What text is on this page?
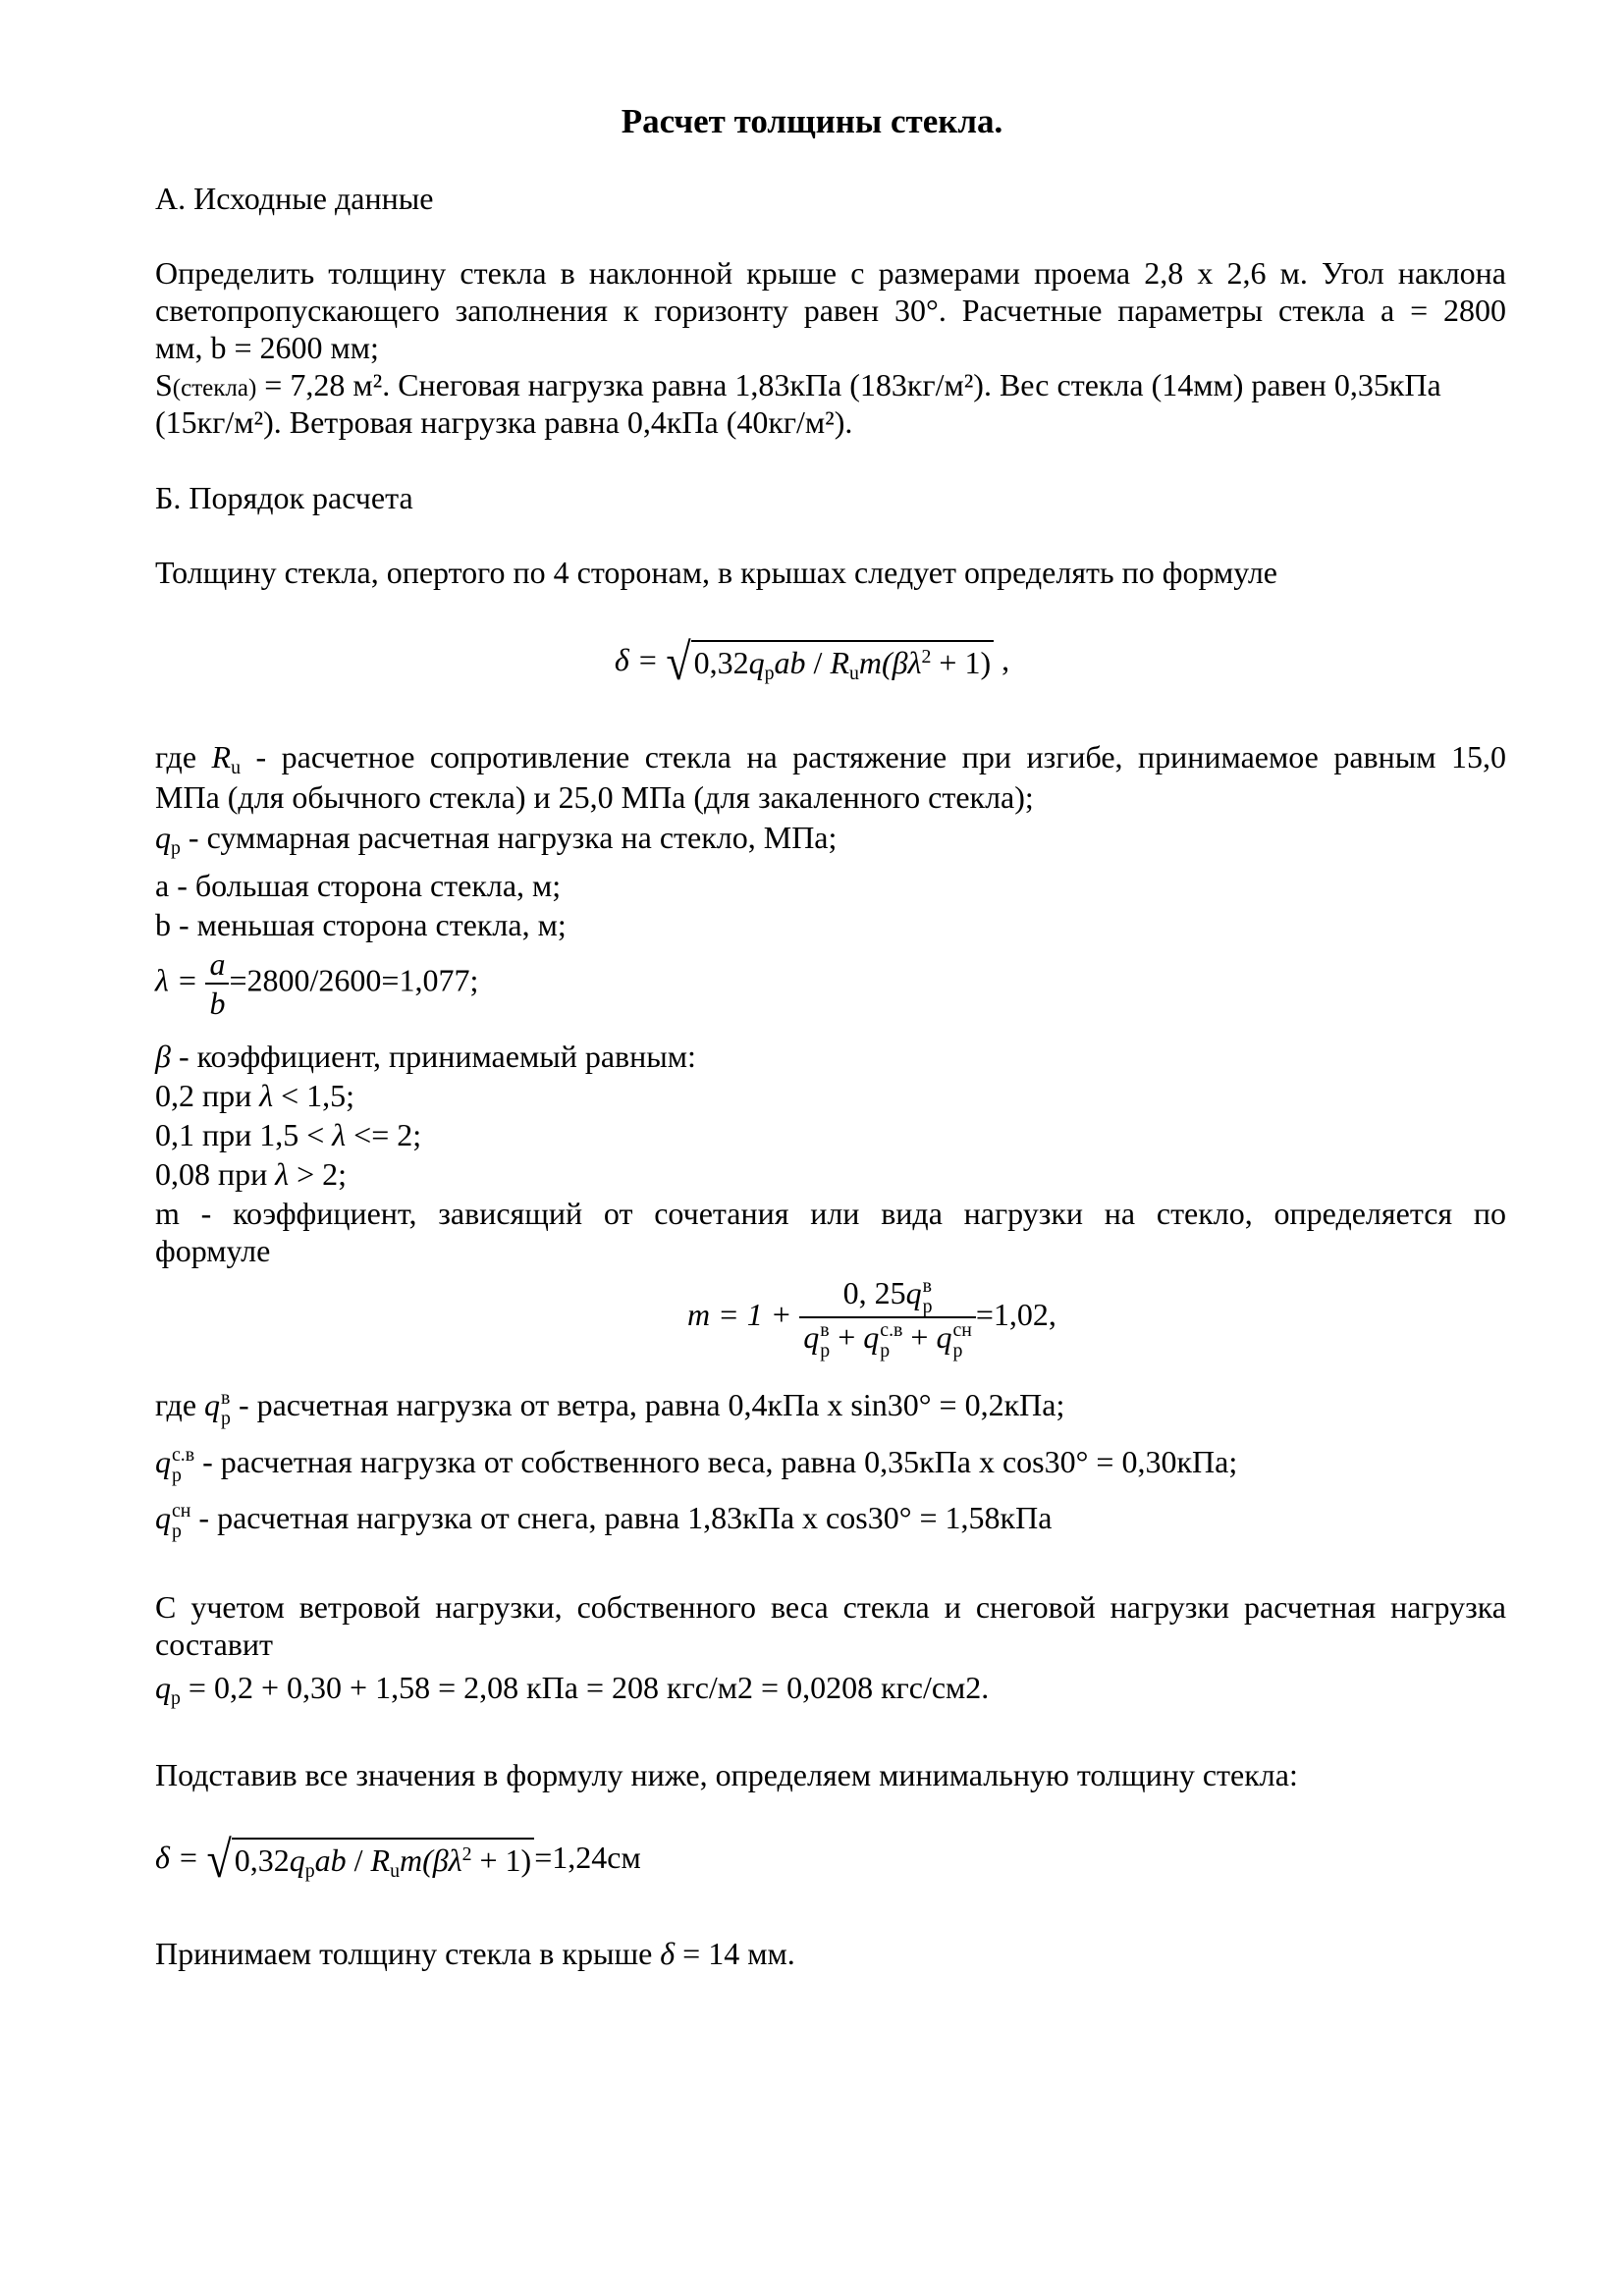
Расчет толщины стекла.
А. Исходные данные
Определить толщину стекла в наклонной крыше с размерами проема 2,8 х 2,6 м. Угол наклона
светопропускающего заполнения к горизонту равен 30°. Расчетные параметры стекла a = 2800
мм, b = 2600 мм;
S(стекла) = 7,28 м². Снеговая нагрузка равна 1,83кПа (183кг/м²). Вес стекла (14мм) равен 0,35кПа
(15кг/м²). Ветровая нагрузка равна 0,4кПа (40кг/м²).
Б. Порядок расчета
Толщину стекла, опертого по 4 сторонам, в крышах следует определять по формуле
δ = √ 0,32qрab / $Rum(\beta\lambda^2 + 1)$ ,
где Ru - расчетное сопротивление стекла на растяжение при изгибе, принимаемое равным 15,0
МПа (для обычного стекла) и 25,0 МПа (для закаленного стекла);
qр - суммарная расчетная нагрузка на стекло, МПа;
a - большая сторона стекла, м;
b - меньшая сторона стекла, м;
$\lambda = \frac{a}{b} =2800/2600=1,077$;
β - коэффициент, принимаемый равным:
0,2 при λ < 1,5;
0,1 при 1,5 < λ <= 2;
0,08 при λ > 2;
m - коэффициент, зависящий от сочетания или вида нагрузки на стекло, определяется по
формуле
m = 1 + 0, 25q в
р
q в
р + q с.в
р + q сн
р =1,02,
где q в
р - расчетная нагрузка от ветра, равна 0,4кПа х sin30° = 0,2кПа;
q с.в
р - расчетная нагрузка от собственного веса, равна 0,35кПа х cos30° = 0,30кПа;
q сн
р - расчетная нагрузка от снега, равна 1,83кПа х cos30° = 1,58кПа
С учетом ветровой нагрузки, собственного веса стекла и снеговой нагрузки расчетная нагрузка
составит
qр = 0,2 + 0,30 + 1,58 = 2,08 кПа = 208 кгс/м2 = 0,0208 кгс/см2.
Подставив все значения в формулу ниже, определяем минимальную толщину стекла:
δ = √ 0,32qрab / $Rum(\beta\lambda^2 + 1) =1,24см$
Принимаем толщину стекла в крыше δ = 14 мм.
